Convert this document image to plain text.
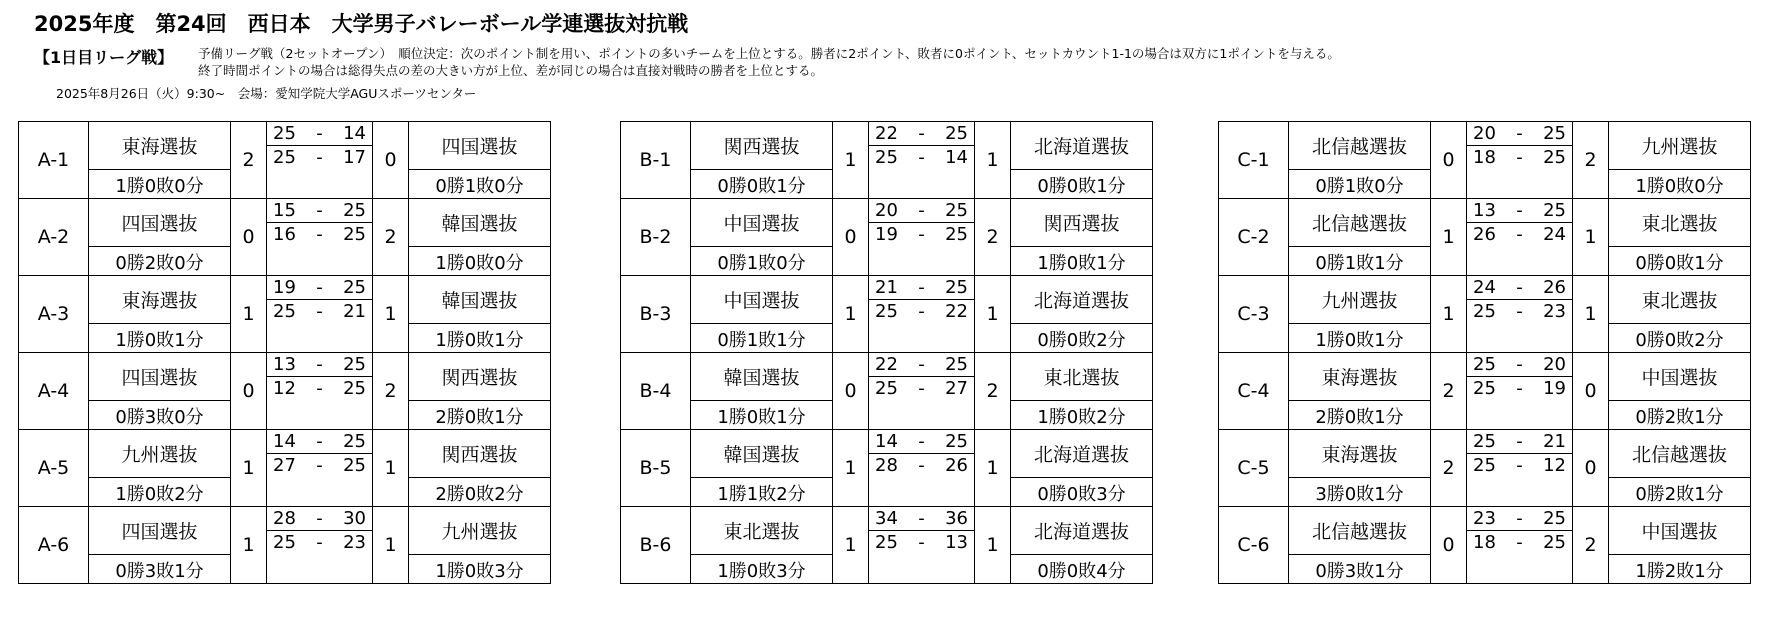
2025年度　第24回　西日本　大学男子バレーボール学連選抜対抗戦
【1日目リーグ戦】 予備リーグ戦（2セットオープン）　順位決定：次のポイント制を用い、ポイントの多いチームを上位とする。勝者に2ポイント、敗者に0ポイント、セットカウント1-1の場合は双方に1ポイントを与える。
終了時間ポイントの場合は総得失点の差の大きい方が上位、差が同じの場合は直接対戦時の勝者を上位とする。
2025年8月26日（火）9:30~　会場：愛知学院大学AGUスポーツセンター
A-1	東海選抜	2	25 - 14	0	四国選抜

			25 - 17		

	1勝0敗0分				0勝1敗0分
A-2	四国選抜	0	15 - 25	2	韓国選抜

			16 - 25		

	0勝2敗0分				1勝0敗0分
A-3	東海選抜	1	19 - 25	1	韓国選抜

			25 - 21		

	1勝0敗1分				1勝0敗1分
A-4	四国選抜	0	13 - 25	2	関西選抜

			12 - 25		

	0勝3敗0分				2勝0敗1分
A-5	九州選抜	1	14 - 25	1	関西選抜

			27 - 25		

	1勝0敗2分				2勝0敗2分
A-6	四国選抜	1	28 - 30	1	九州選抜

			25 - 23		

	0勝3敗1分				1勝0敗3分
B-1	関西選抜	1	22 - 25	1	北海道選抜

			25 - 14		

	0勝0敗1分				0勝0敗1分
B-2	中国選抜	0	20 - 25	2	関西選抜

			19 - 25		

	0勝1敗0分				1勝0敗1分
B-3	中国選抜	1	21 - 25	1	北海道選抜

			25 - 22		

	0勝1敗1分				0勝0敗2分
B-4	韓国選抜	0	22 - 25	2	東北選抜

			25 - 27		

	1勝0敗1分				1勝0敗2分
B-5	韓国選抜	1	14 - 25	1	北海道選抜

			28 - 26		

	1勝1敗2分				0勝0敗3分
B-6	東北選抜	1	34 - 36	1	北海道選抜

			25 - 13		

	1勝0敗3分				0勝0敗4分
C-1	北信越選抜	0	20 - 25	2	九州選抜

			18 - 25		

	0勝1敗0分				1勝0敗0分
C-2	北信越選抜	1	13 - 25	1	東北選抜

			26 - 24		

	0勝1敗1分				0勝0敗1分
C-3	九州選抜	1	24 - 26	1	東北選抜

			25 - 23		

	1勝0敗1分				0勝0敗2分
C-4	東海選抜	2	25 - 20	0	中国選抜

			25 - 19		

	2勝0敗1分				0勝2敗1分
C-5	東海選抜	2	25 - 21	0	北信越選抜

			25 - 12		

	3勝0敗1分				0勝2敗1分
C-6	北信越選抜	0	23 - 25	2	中国選抜

			18 - 25		

	0勝3敗1分				1勝2敗1分
